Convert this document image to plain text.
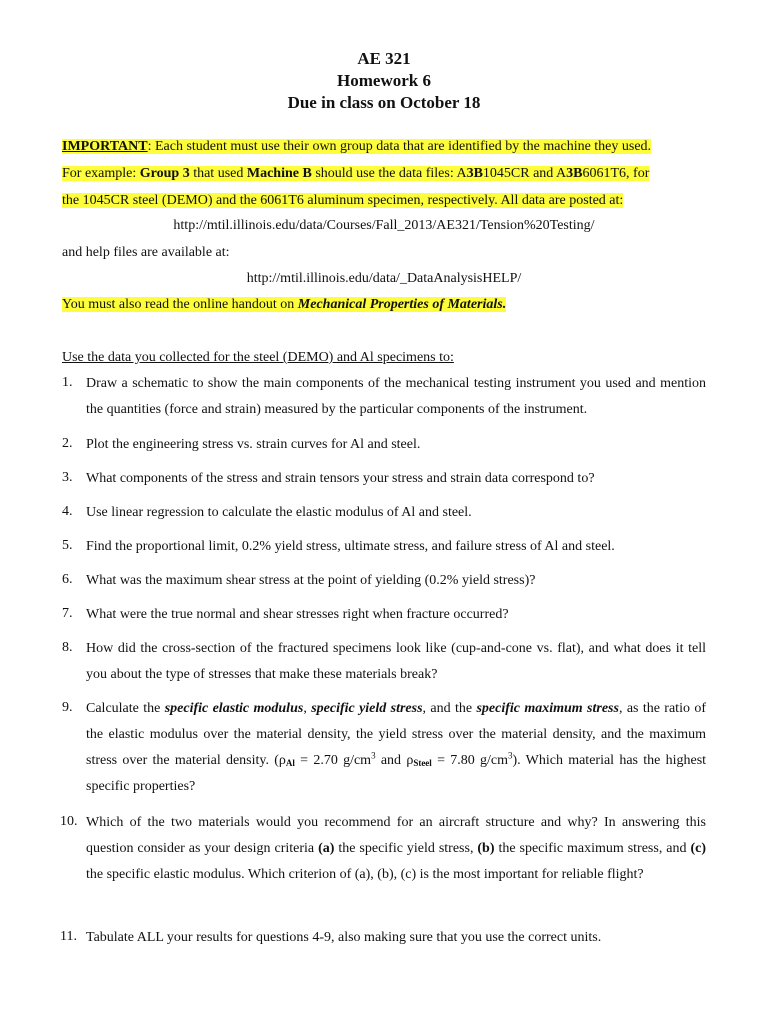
AE 321
Homework 6
Due in class on October 18
IMPORTANT: Each student must use their own group data that are identified by the machine they used.
For example: Group 3 that used Machine B should use the data files: A3B1045CR and A3B6061T6, for
the 1045CR steel (DEMO) and the 6061T6 aluminum specimen, respectively. All data are posted at:
http://mtil.illinois.edu/data/Courses/Fall_2013/AE321/Tension%20Testing/
and help files are available at:
http://mtil.illinois.edu/data/_DataAnalysisHELP/
You must also read the online handout on Mechanical Properties of Materials.
Use the data you collected for the steel (DEMO) and Al specimens to:
1. Draw a schematic to show the main components of the mechanical testing instrument you used and mention the quantities (force and strain) measured by the particular components of the instrument.
2. Plot the engineering stress vs. strain curves for Al and steel.
3. What components of the stress and strain tensors your stress and strain data correspond to?
4. Use linear regression to calculate the elastic modulus of Al and steel.
5. Find the proportional limit, 0.2% yield stress, ultimate stress, and failure stress of Al and steel.
6. What was the maximum shear stress at the point of yielding (0.2% yield stress)?
7. What were the true normal and shear stresses right when fracture occurred?
8. How did the cross-section of the fractured specimens look like (cup-and-cone vs. flat), and what does it tell you about the type of stresses that make these materials break?
9. Calculate the specific elastic modulus, specific yield stress, and the specific maximum stress, as the ratio of the elastic modulus over the material density, the yield stress over the material density, and the maximum stress over the material density. ($\rho_{Al} = 2.70$ $g/cm^3$ and $\rho_{Steel} = 7.80$ $g/cm^3$). Which material has the highest specific properties?
10. Which of the two materials would you recommend for an aircraft structure and why? In answering this question consider as your design criteria (a) the specific yield stress, (b) the specific maximum stress, and (c) the specific elastic modulus. Which criterion of (a), (b), (c) is the most important for reliable flight?
11. Tabulate ALL your results for questions 4-9, also making sure that you use the correct units.
